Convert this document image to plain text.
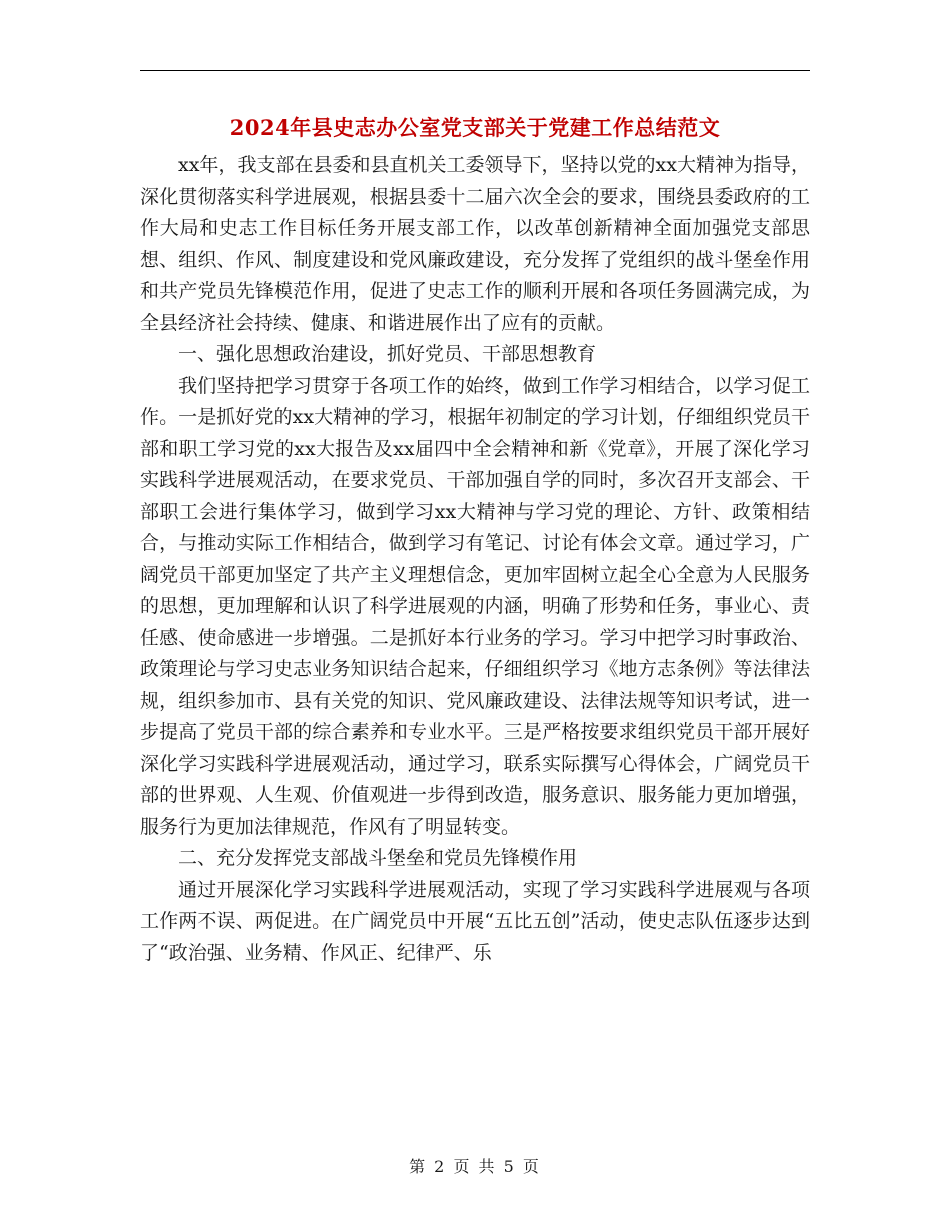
2024年县史志办公室党支部关于党建工作总结范文

xx年，我支部在县委和县直机关工委领导下，坚持以党的xx大精神为指导，深化贯彻落实科学进展观，根据县委十二届六次全会的要求，围绕县委政府的工作大局和史志工作目标任务开展支部工作，以改革创新精神全面加强党支部思想、组织、作风、制度建设和党风廉政建设，充分发挥了党组织的战斗堡垒作用和共产党员先锋模范作用，促进了史志工作的顺利开展和各项任务圆满完成，为全县经济社会持续、健康、和谐进展作出了应有的贡献。

一、强化思想政治建设，抓好党员、干部思想教育

我们坚持把学习贯穿于各项工作的始终，做到工作学习相结合，以学习促工作。一是抓好党的xx大精神的学习，根据年初制定的学习计划，仔细组织党员干部和职工学习党的xx大报告及xx届四中全会精神和新《党章》，开展了深化学习实践科学进展观活动，在要求党员、干部加强自学的同时，多次召开支部会、干部职工会进行集体学习，做到学习xx大精神与学习党的理论、方针、政策相结合，与推动实际工作相结合，做到学习有笔记、讨论有体会文章。通过学习，广阔党员干部更加坚定了共产主义理想信念，更加牢固树立起全心全意为人民服务的思想，更加理解和认识了科学进展观的内涵，明确了形势和任务，事业心、责任感、使命感进一步增强。二是抓好本行业务的学习。学习中把学习时事政治、政策理论与学习史志业务知识结合起来，仔细组织学习《地方志条例》等法律法规，组织参加市、县有关党的知识、党风廉政建设、法律法规等知识考试，进一步提高了党员干部的综合素养和专业水平。三是严格按要求组织党员干部开展好深化学习实践科学进展观活动，通过学习，联系实际撰写心得体会，广阔党员干部的世界观、人生观、价值观进一步得到改造，服务意识、服务能力更加增强，服务行为更加法律规范，作风有了明显转变。

二、充分发挥党支部战斗堡垒和党员先锋模作用

通过开展深化学习实践科学进展观活动，实现了学习实践科学进展观与各项工作两不误、两促进。在广阔党员中开展“五比五创”活动，使史志队伍逐步达到了“政治强、业务精、作风正、纪律严、乐

第 2 页 共 5 页
